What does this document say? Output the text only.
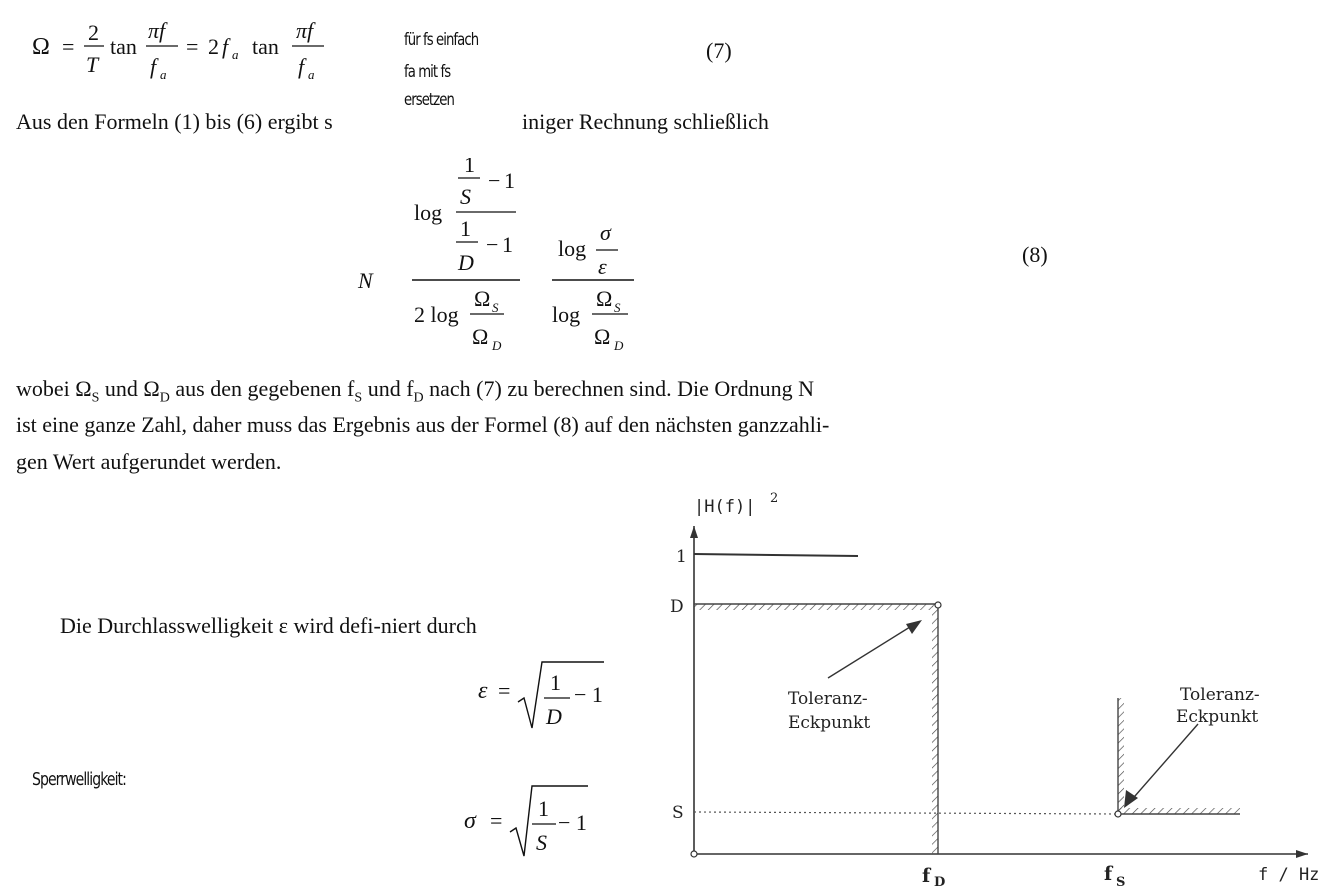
Ω =
2
T
tan
πf
f a
= 2 f a tan
πf
f a
(7)
für fs einfach
fa mit fs
ersetzen
Aus den Formeln (1) bis (6) ergibt s	iniger Rechnung schließlich
N
log
1
S
− 1
1
D
− 1
2 log
Ω S
Ω D
log
σ
ε
log
Ω S
Ω D
(8)
wobei $\Omega_S$ und $\Omega_D$ aus den gegebenen $f_S$ und $f_D$ nach (7) zu berechnen sind. Die Ordnung N
ist eine ganze Zahl, daher muss das Ergebnis aus der Formel (8) auf den nächsten ganzzahli-
gen Wert aufgerundet werden.
Die Durchlasswelligkeit ε wird defi-niert durch
ε = 1
D
− 1
Sperrwelligkeit:
σ = 1
S
− 1
|H(f)| 2
1
D
S
Toleranz-
Eckpunkt
Toleranz-
Eckpunkt
f D	f S	f / Hz
